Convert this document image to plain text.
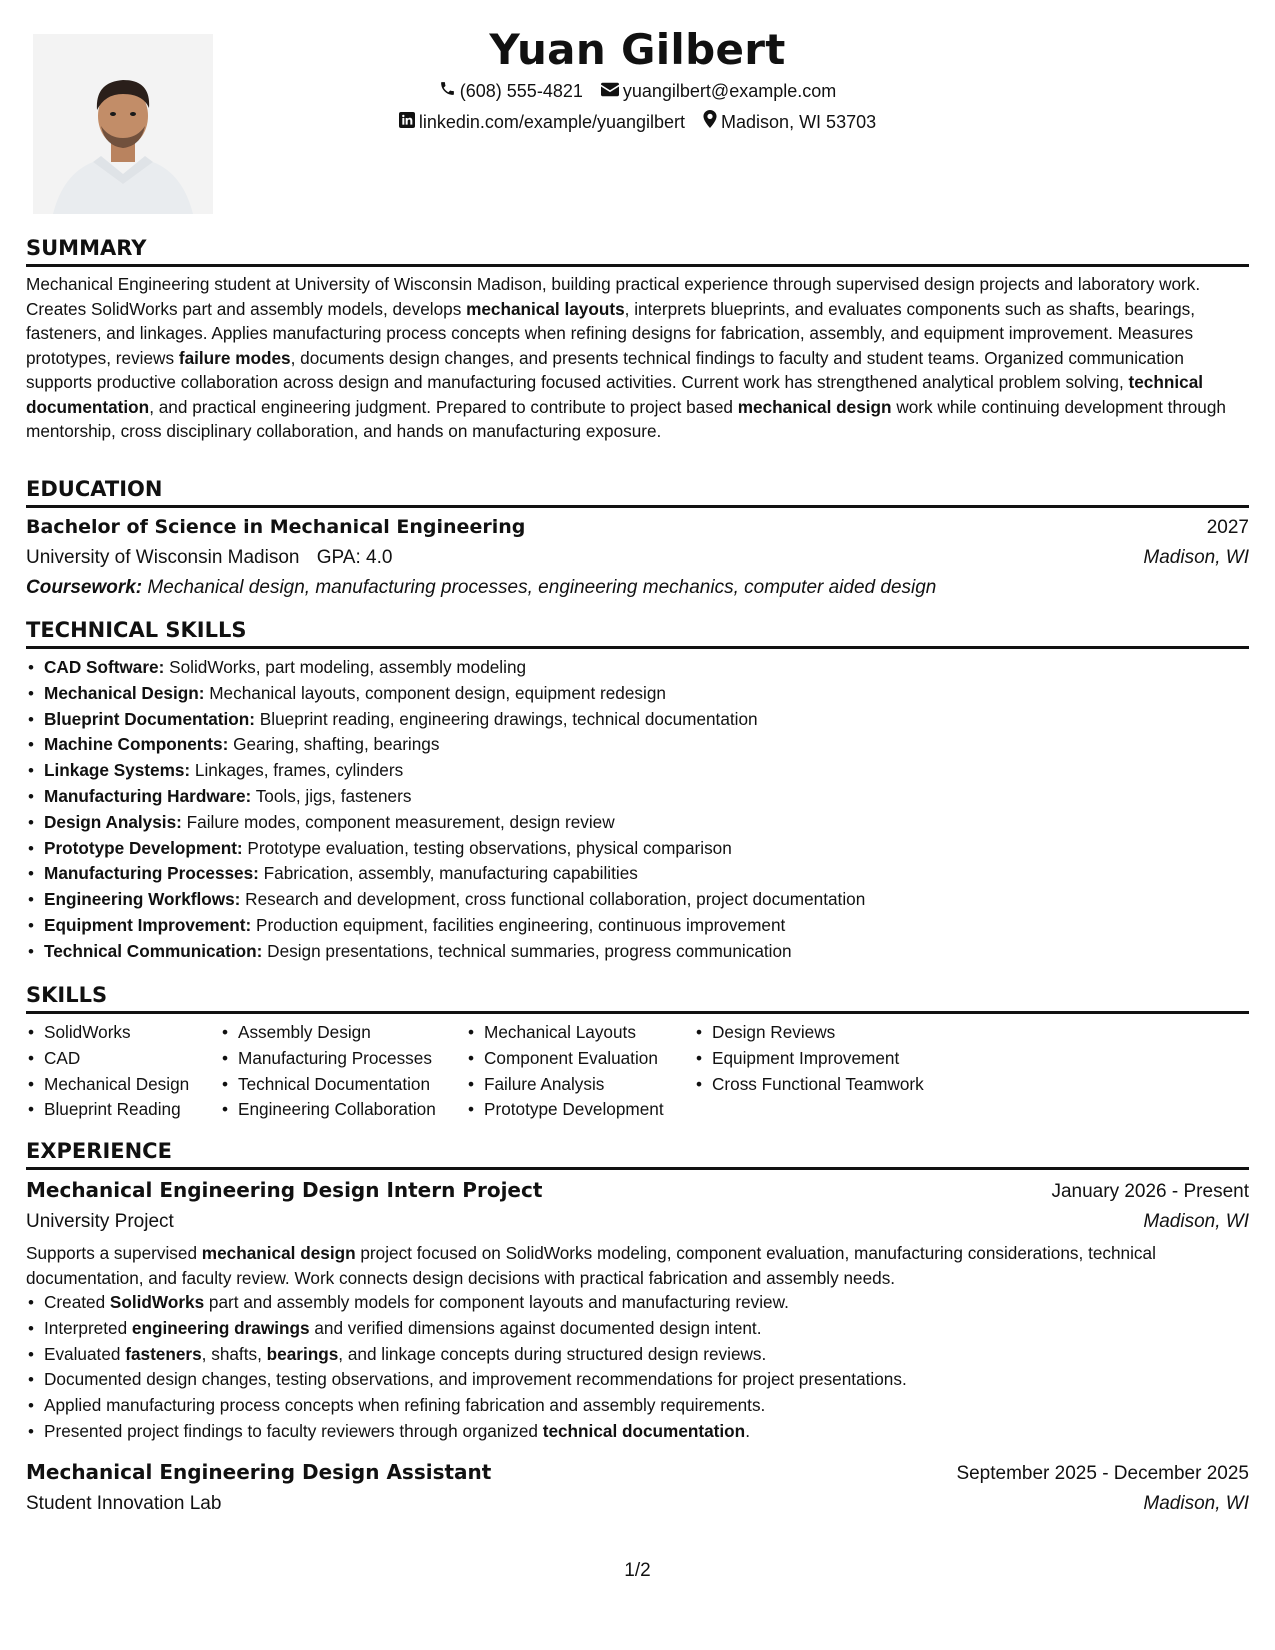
Yuan Gilbert
(608) 555-4821 yuangilbert@example.com
linkedin.com/example/yuangilbert Madison, WI 53703
SUMMARY
Mechanical Engineering student at University of Wisconsin Madison, building practical experience through supervised design projects and laboratory work. Creates SolidWorks part and assembly models, develops mechanical layouts, interprets blueprints, and evaluates components such as shafts, bearings, fasteners, and linkages. Applies manufacturing process concepts when refining designs for fabrication, assembly, and equipment improvement. Measures prototypes, reviews failure modes, documents design changes, and presents technical findings to faculty and student teams. Organized communication supports productive collaboration across design and manufacturing focused activities. Current work has strengthened analytical problem solving, technical documentation, and practical engineering judgment. Prepared to contribute to project based mechanical design work while continuing development through mentorship, cross disciplinary collaboration, and hands on manufacturing exposure.
EDUCATION
Bachelor of Science in Mechanical Engineering	2027
University of Wisconsin Madison GPA: 4.0	Madison, WI
Coursework: Mechanical design, manufacturing processes, engineering mechanics, computer aided design
TECHNICAL SKILLS
• CAD Software: SolidWorks, part modeling, assembly modeling
• Mechanical Design: Mechanical layouts, component design, equipment redesign
• Blueprint Documentation: Blueprint reading, engineering drawings, technical documentation
• Machine Components: Gearing, shafting, bearings
• Linkage Systems: Linkages, frames, cylinders
• Manufacturing Hardware: Tools, jigs, fasteners
• Design Analysis: Failure modes, component measurement, design review
• Prototype Development: Prototype evaluation, testing observations, physical comparison
• Manufacturing Processes: Fabrication, assembly, manufacturing capabilities
• Engineering Workflows: Research and development, cross functional collaboration, project documentation
• Equipment Improvement: Production equipment, facilities engineering, continuous improvement
• Technical Communication: Design presentations, technical summaries, progress communication
SKILLS
• SolidWorks
• CAD
• Mechanical Design
• Blueprint Reading
• Assembly Design
• Manufacturing Processes
• Technical Documentation
• Engineering Collaboration
• Mechanical Layouts
• Component Evaluation
• Failure Analysis
• Prototype Development
• Design Reviews
• Equipment Improvement
• Cross Functional Teamwork
EXPERIENCE
Mechanical Engineering Design Intern Project	January 2026 - Present
University Project	Madison, WI
Supports a supervised mechanical design project focused on SolidWorks modeling, component evaluation, manufacturing considerations, technical documentation, and faculty review. Work connects design decisions with practical fabrication and assembly needs.
• Created SolidWorks part and assembly models for component layouts and manufacturing review.
• Interpreted engineering drawings and verified dimensions against documented design intent.
• Evaluated fasteners, shafts, bearings, and linkage concepts during structured design reviews.
• Documented design changes, testing observations, and improvement recommendations for project presentations.
• Applied manufacturing process concepts when refining fabrication and assembly requirements.
• Presented project findings to faculty reviewers through organized technical documentation.
Mechanical Engineering Design Assistant	September 2025 - December 2025
Student Innovation Lab	Madison, WI
1/2
